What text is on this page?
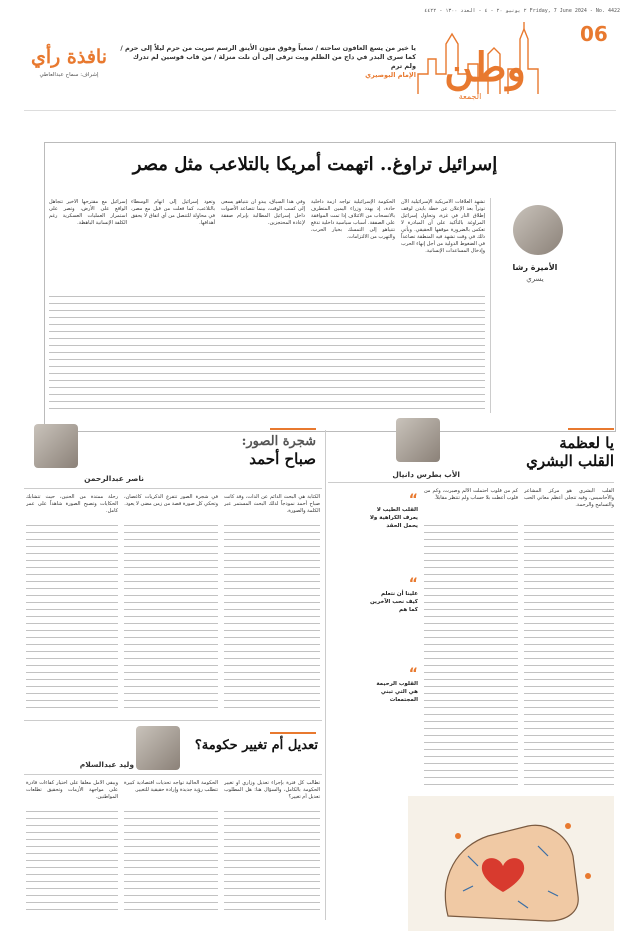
٢ يونيو ٢٠ - ٤ - العدد ١٣٠٠ - ٤٤٢٢ Friday, 7 June 2024 - No. 4422
06
وطن
الجمعة
يا خير من يسع العافون ساحته / سعياً وفوق متون الأينق الرسم سريت من حرم ليلاً إلى حرم / كما سرى البدر في داج من الظلم وبت ترقى إلى أن نلت منزلة / من قاب قوسين لم تدرك ولم ترم
الإمام البوصيري
نافذة رأي
إشراف: سماح عبدالعاطي
إسرائيل تراوغ.. اتهمت أمريكا بالتلاعب مثل مصر
الأميرة رشا
يسري
تشهد العلاقات الأمريكية الإسرائيلية الآن توتراً بعد الإعلان عن خطة بايدن لوقف إطلاق النار في غزة، وتحاول إسرائيل المراوغة بالتأكيد على أن المبادرة لا تعكس بالضرورة موقفها الحقيقي. ويأتي ذلك في وقت تشهد فيه المنطقة تصاعداً في الضغوط الدولية من أجل إنهاء الحرب وإدخال المساعدات الإنسانية.
الحكومة الإسرائيلية تواجه أزمة داخلية حادة، إذ يهدد وزراء اليمين المتطرف بالانسحاب من الائتلاف إذا تمت الموافقة على الصفقة. أسباب سياسية داخلية تدفع نتنياهو إلى التمسك بخيار الحرب، والتهرب من الالتزامات.
وفي هذا السياق، يبدو أن نتنياهو يسعى إلى كسب الوقت، بينما تتصاعد الأصوات داخل إسرائيل المطالبة بإبرام صفقة لإعادة المحتجزين.
وتعود إسرائيل إلى اتهام الوسطاء بالتلاعب، كما فعلت من قبل مع مصر، في محاولة للتنصل من أي اتفاق لا يحقق أهدافها.
إسرائيل مع مقترحها الأخير تتجاهل الواقع على الأرض، وتصر على استمرار العمليات العسكرية رغم الكلفة الإنسانية الباهظة.
يا لعظمة
القلب البشري
الأب بطرس دانيال
القلب البشري هو مركز المشاعر والأحاسيس، وفيه تتجلى أعظم معاني الحب والتسامح والرحمة.
كم من قلوب احتملت الألم وصبرت، وكم من قلوب أعطت بلا حساب ولم تنتظر مقابلاً.
“
القلب الطيب لا يعرف الكراهية ولا يحمل الحقد
“
علينا أن نتعلم كيف نحب الآخرين كما هم
“
القلوب الرحيمة هي التي تبني المجتمعات
شجرة الصور:
صباح أحمد
ناصر عبدالرحمن
الكتابة هي البحث الدائم عن الذات، وقد كانت صباح أحمد نموذجاً لذلك البحث المستمر عبر الكلمة والصورة.
في شجرة الصور تتفرع الذكريات كأغصان، وتحكي كل صورة قصة من زمن مضى لا يعود.
رحلة ممتدة من الحنين، حيث تتشابك الحكايات وتصبح الصورة شاهداً على عمر كامل.
تعديل أم تغيير حكومة؟
وليد عبدالسلام
تطالب كل فترة بإجراء تعديل وزاري أو تغيير الحكومة بالكامل، والسؤال هنا: هل المطلوب تعديل أم تغيير؟
الحكومة الحالية تواجه تحديات اقتصادية كبيرة تتطلب رؤية جديدة وإرادة حقيقية للتغيير.
ويبقى الأمل معلقاً على اختيار كفاءات قادرة على مواجهة الأزمات وتحقيق تطلعات المواطنين.
